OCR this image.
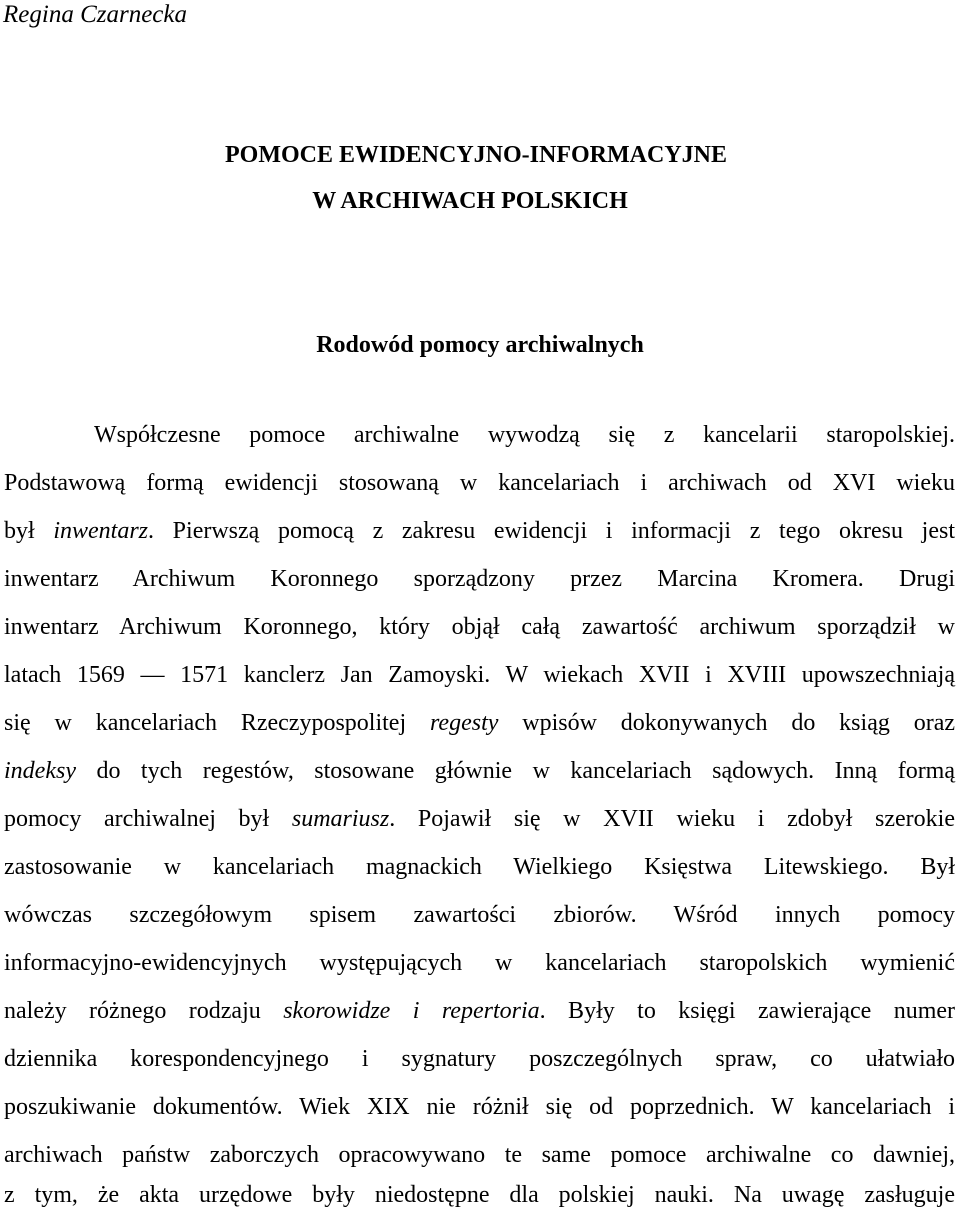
Regina Czarnecka
POMOCE EWIDENCYJNO-INFORMACYJNE
W ARCHIWACH POLSKICH
Rodowód pomocy archiwalnych
Współczesne pomoce archiwalne wywodzą się z kancelarii staropolskiej.
Podstawową formą ewidencji stosowaną w kancelariach i archiwach od XVI wieku
był inwentarz. Pierwszą pomocą z zakresu ewidencji i informacji z tego okresu jest
inwentarz Archiwum Koronnego sporządzony przez Marcina Kromera. Drugi
inwentarz Archiwum Koronnego, który objął całą zawartość archiwum sporządził w
latach 1569 — 1571 kanclerz Jan Zamoyski. W wiekach XVII i XVIII upowszechniają
się w kancelariach Rzeczypospolitej regesty wpisów dokonywanych do ksiąg oraz
indeksy do tych regestów, stosowane głównie w kancelariach sądowych. Inną formą
pomocy archiwalnej był sumariusz. Pojawił się w XVII wieku i zdobył szerokie
zastosowanie w kancelariach magnackich Wielkiego Księstwa Litewskiego. Był
wówczas szczegółowym spisem zawartości zbiorów. Wśród innych pomocy
informacyjno-ewidencyjnych występujących w kancelariach staropolskich wymienić
należy różnego rodzaju skorowidze i repertoria. Były to księgi zawierające numer
dziennika korespondencyjnego i sygnatury poszczególnych spraw, co ułatwiało
poszukiwanie dokumentów. Wiek XIX nie różnił się od poprzednich. W kancelariach i
archiwach państw zaborczych opracowywano te same pomoce archiwalne co dawniej,
z tym, że akta urzędowe były niedostępne dla polskiej nauki. Na uwagę zasługuje
